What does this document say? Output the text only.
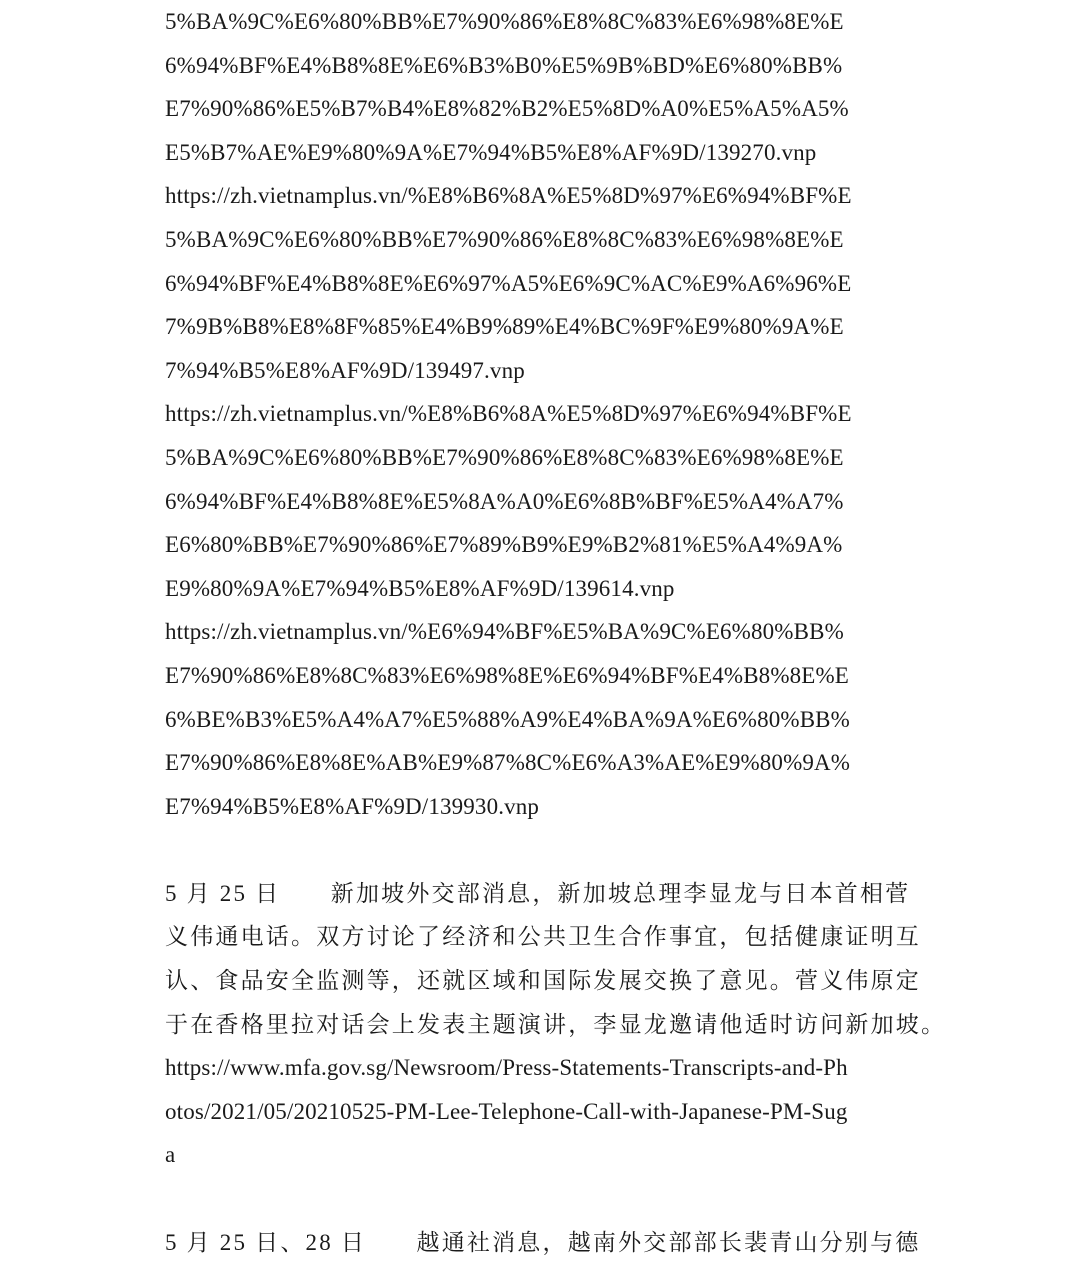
5%BA%9C%E6%80%BB%E7%90%86%E8%8C%83%E6%98%8E%E
6%94%BF%E4%B8%8E%E6%B3%B0%E5%9B%BD%E6%80%BB%
E7%90%86%E5%B7%B4%E8%82%B2%E5%8D%A0%E5%A5%A5%
E5%B7%AE%E9%80%9A%E7%94%B5%E8%AF%9D/139270.vnp
https://zh.vietnamplus.vn/%E8%B6%8A%E5%8D%97%E6%94%BF%E
5%BA%9C%E6%80%BB%E7%90%86%E8%8C%83%E6%98%8E%E
6%94%BF%E4%B8%8E%E6%97%A5%E6%9C%AC%E9%A6%96%E
7%9B%B8%E8%8F%85%E4%B9%89%E4%BC%9F%E9%80%9A%E
7%94%B5%E8%AF%9D/139497.vnp
https://zh.vietnamplus.vn/%E8%B6%8A%E5%8D%97%E6%94%BF%E
5%BA%9C%E6%80%BB%E7%90%86%E8%8C%83%E6%98%8E%E
6%94%BF%E4%B8%8E%E5%8A%A0%E6%8B%BF%E5%A4%A7%
E6%80%BB%E7%90%86%E7%89%B9%E9%B2%81%E5%A4%9A%
E9%80%9A%E7%94%B5%E8%AF%9D/139614.vnp
https://zh.vietnamplus.vn/%E6%94%BF%E5%BA%9C%E6%80%BB%
E7%90%86%E8%8C%83%E6%98%8E%E6%94%BF%E4%B8%8E%E
6%BE%B3%E5%A4%A7%E5%88%A9%E4%BA%9A%E6%80%BB%
E7%90%86%E8%8E%AB%E9%87%8C%E6%A3%AE%E9%80%9A%
E7%94%B5%E8%AF%9D/139930.vnp
5 月 25 日　　新加坡外交部消息，新加坡总理李显龙与日本首相菅
义伟通电话。双方讨论了经济和公共卫生合作事宜，包括健康证明互
认、食品安全监测等，还就区域和国际发展交换了意见。菅义伟原定
于在香格里拉对话会上发表主题演讲，李显龙邀请他适时访问新加坡。
https://www.mfa.gov.sg/Newsroom/Press-Statements-Transcripts-and-Ph
otos/2021/05/20210525-PM-Lee-Telephone-Call-with-Japanese-PM-Sug
a
5 月 25 日、28 日　　越通社消息，越南外交部部长裴青山分别与德
